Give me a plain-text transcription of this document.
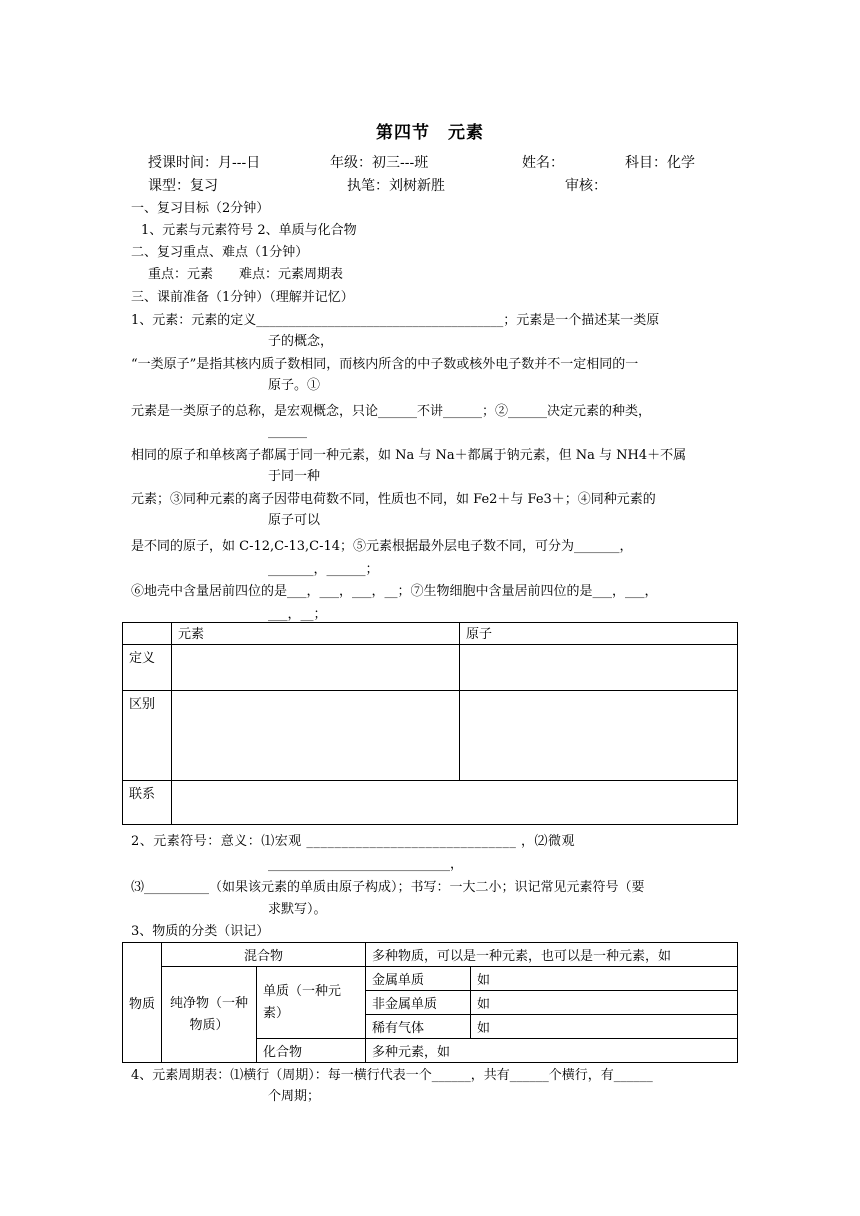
第四节　元素
授课时间：月---日	年级：初三---班	姓名：	科目：化学
课型：复习	执笔：刘树新胜	审核：
一、复习目标（2分钟）
1、元素与元素符号 2、单质与化合物
二、复习重点、难点（1分钟）
重点：元素　　难点：元素周期表
三、课前准备（1分钟）（理解并记忆）
1、元素：元素的定义______________________________________；元素是一个描述某一类原
子的概念，
“一类原子”是指其核内质子数相同，而核内所含的中子数或核外电子数并不一定相同的一
原子。①
元素是一类原子的总称，是宏观概念，只论______不讲______；②______决定元素的种类，
______
相同的原子和单核离子都属于同一种元素，如 Na 与 Na＋都属于钠元素，但 Na 与 NH4＋不属
于同一种
元素；③同种元素的离子因带电荷数不同，性质也不同，如 Fe2＋与 Fe3＋；④同种元素的
原子可以
是不同的原子，如 C-12,C-13,C-14；⑤元素根据最外层电子数不同，可分为_______，
_______，______；
⑥地壳中含量居前四位的是___，___，___，__；⑦生物细胞中含量居前四位的是___，___，
___，__；
	元素	原子
定义		
区别		
联系		
2、元素符号：意义：⑴宏观 ______________________________ ，⑵微观
____________________________，
⑶__________（如果该元素的单质由原子构成）；书写：一大二小；识记常见元素符号（要
求默写）。
3、物质的分类（识记）
物质	混合物		多种物质，可以是一种元素，也可以是一种元素，如	
	纯净物（一种物质）	单质（一种元素）	金属单质	如
			非金属单质	如
			稀有气体	如
		化合物	多种元素，如	
4、元素周期表：⑴横行（周期）：每一横行代表一个______，共有______个横行，有______
个周期；
